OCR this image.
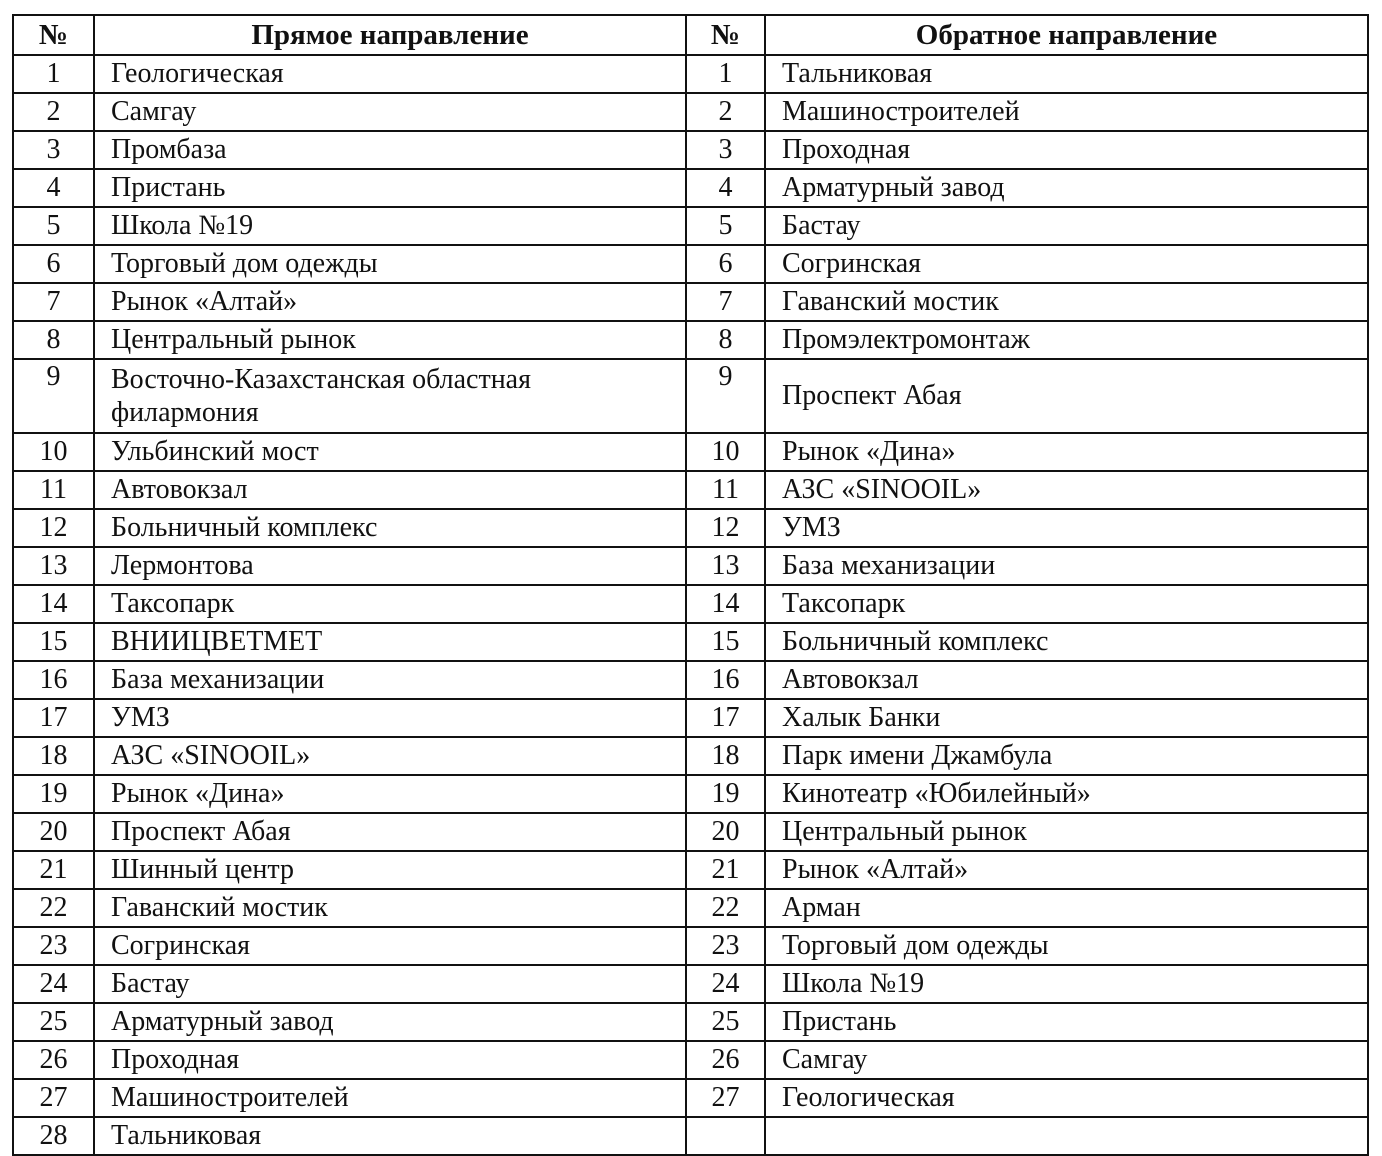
№	Прямое направление	№	Обратное направление
1	Геологическая	1	Тальниковая
2	Самгау	2	Машиностроителей
3	Промбаза	3	Проходная
4	Пристань	4	Арматурный завод
5	Школа №19	5	Бастау
6	Торговый дом одежды	6	Согринская
7	Рынок «Алтай»	7	Гаванский мостик
8	Центральный рынок	8	Промэлектромонтаж
9	Восточно-Казахстанская областная филармония	9	Проспект Абая
10	Ульбинский мост	10	Рынок «Дина»
11	Автовокзал	11	АЗС «SINOOIL»
12	Больничный комплекс	12	УМЗ
13	Лермонтова	13	База механизации
14	Таксопарк	14	Таксопарк
15	ВНИИЦВЕТМЕТ	15	Больничный комплекс
16	База механизации	16	Автовокзал
17	УМЗ	17	Халык Банки
18	АЗС «SINOOIL»	18	Парк имени Джамбула
19	Рынок «Дина»	19	Кинотеатр «Юбилейный»
20	Проспект Абая	20	Центральный рынок
21	Шинный центр	21	Рынок «Алтай»
22	Гаванский мостик	22	Арман
23	Согринская	23	Торговый дом одежды
24	Бастау	24	Школа №19
25	Арматурный завод	25	Пристань
26	Проходная	26	Самгау
27	Машиностроителей	27	Геологическая
28	Тальниковая		
